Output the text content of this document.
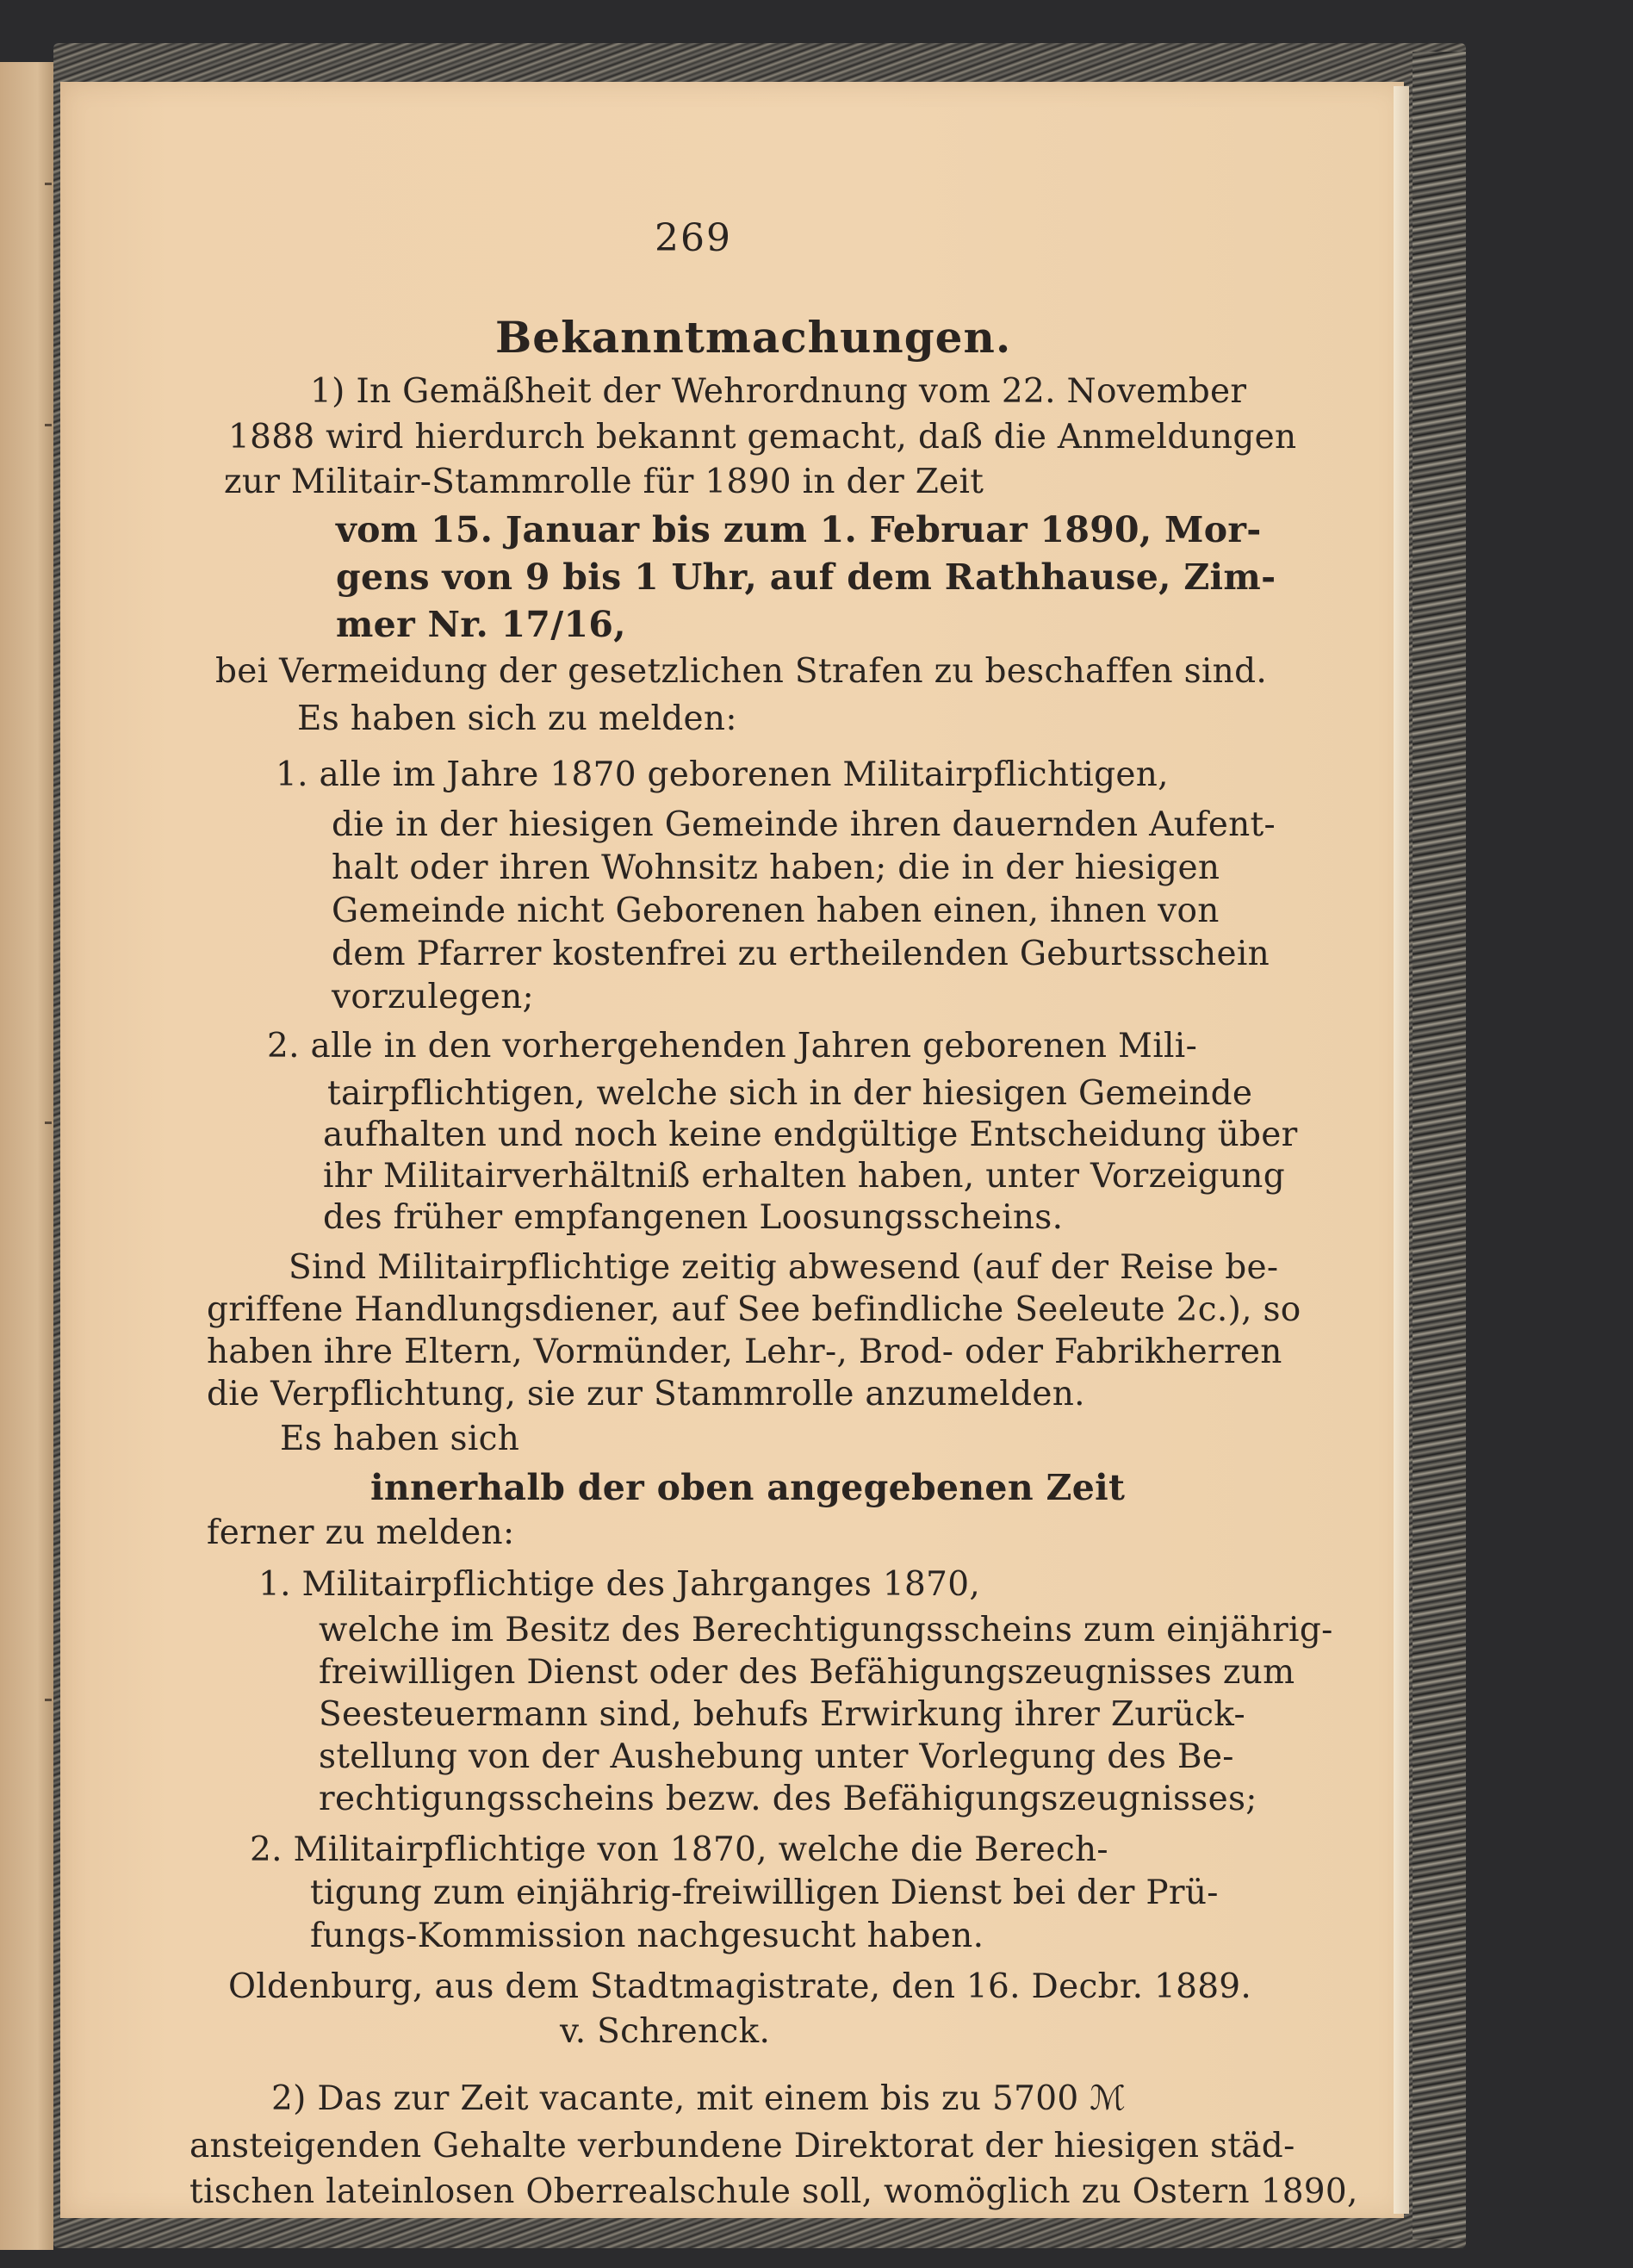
269
Bekanntmachungen.
1) In Gemäßheit der Wehrordnung vom 22. November
1888 wird hierdurch bekannt gemacht, daß die Anmeldungen
zur Militair-Stammrolle für 1890 in der Zeit
vom 15. Januar bis zum 1. Februar 1890, Mor-
gens von 9 bis 1 Uhr, auf dem Rathhause, Zim-
mer Nr. 17/16,
bei Vermeidung der gesetzlichen Strafen zu beschaffen sind.
Es haben sich zu melden:
1. alle im Jahre 1870 geborenen Militairpflichtigen,
die in der hiesigen Gemeinde ihren dauernden Aufent-
halt oder ihren Wohnsitz haben; die in der hiesigen
Gemeinde nicht Geborenen haben einen, ihnen von
dem Pfarrer kostenfrei zu ertheilenden Geburtsschein
vorzulegen;
2. alle in den vorhergehenden Jahren geborenen Mili-
tairpflichtigen, welche sich in der hiesigen Gemeinde
aufhalten und noch keine endgültige Entscheidung über
ihr Militairverhältniß erhalten haben, unter Vorzeigung
des früher empfangenen Loosungsscheins.
Sind Militairpflichtige zeitig abwesend (auf der Reise be-
griffene Handlungsdiener, auf See befindliche Seeleute 2c.), so
haben ihre Eltern, Vormünder, Lehr-, Brod- oder Fabrikherren
die Verpflichtung, sie zur Stammrolle anzumelden.
Es haben sich
innerhalb der oben angegebenen Zeit
ferner zu melden:
1. Militairpflichtige des Jahrganges 1870,
welche im Besitz des Berechtigungsscheins zum einjährig-
freiwilligen Dienst oder des Befähigungszeugnisses zum
Seesteuermann sind, behufs Erwirkung ihrer Zurück-
stellung von der Aushebung unter Vorlegung des Be-
rechtigungsscheins bezw. des Befähigungszeugnisses;
2. Militairpflichtige von 1870, welche die Berech-
tigung zum einjährig-freiwilligen Dienst bei der Prü-
fungs-Kommission nachgesucht haben.
Oldenburg, aus dem Stadtmagistrate, den 16. Decbr. 1889.
v. Schrenck.
2) Das zur Zeit vacante, mit einem bis zu 5700 ℳ
ansteigenden Gehalte verbundene Direktorat der hiesigen städ-
tischen lateinlosen Oberrealschule soll, womöglich zu Ostern 1890,
